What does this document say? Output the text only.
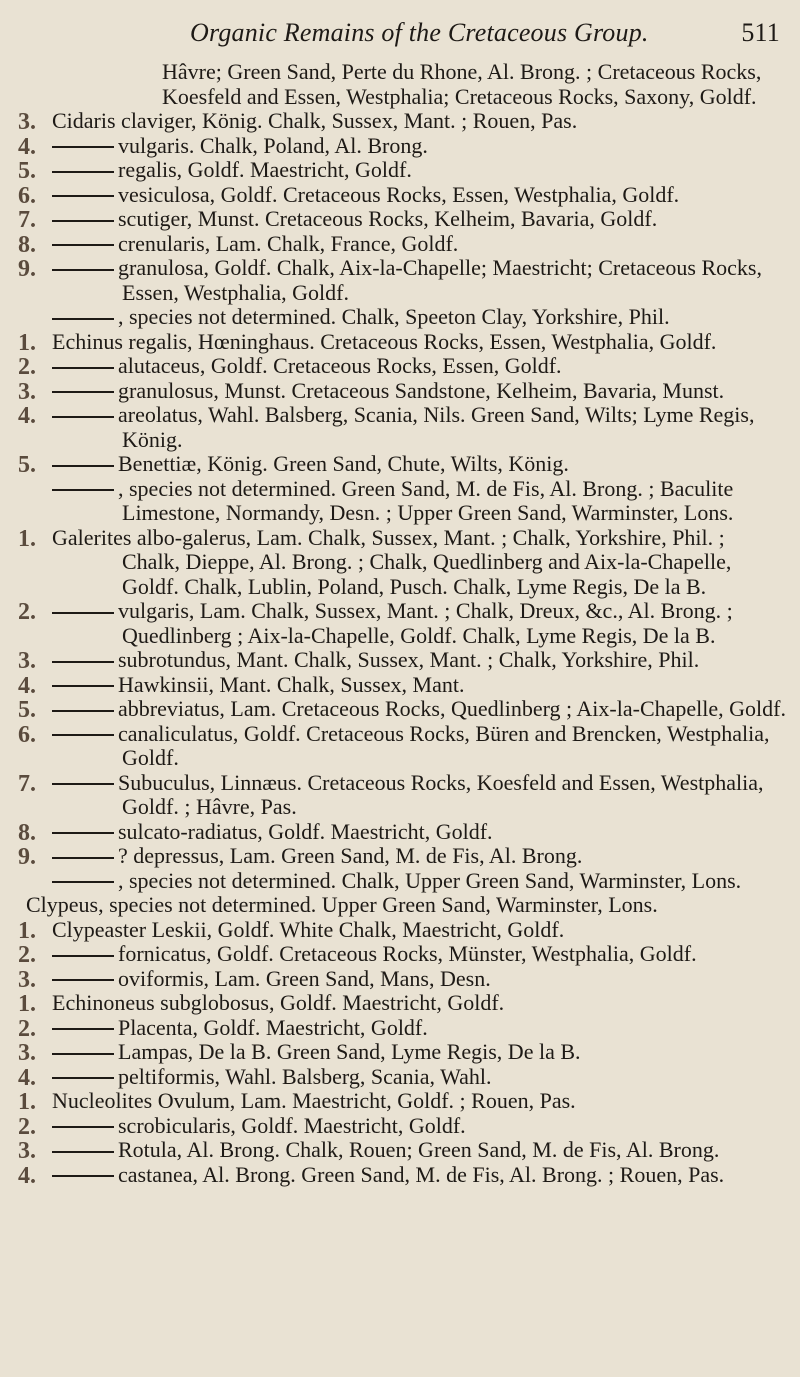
Organic Remains of the Cretaceous Group.	511
Hâvre; Green Sand, Perte du Rhone, Al. Brong. ; Cretaceous Rocks, Koesfeld and Essen, Westphalia; Cretaceous Rocks, Saxony, Goldf.
3. Cidaris claviger, König. Chalk, Sussex, Mant. ; Rouen, Pas.
4.	vulgaris. Chalk, Poland, Al. Brong.
5.	regalis, Goldf. Maestricht, Goldf.
6.	vesiculosa, Goldf. Cretaceous Rocks, Essen, Westphalia, Goldf.
7.	scutiger, Munst. Cretaceous Rocks, Kelheim, Bavaria, Goldf.
8.	crenularis, Lam. Chalk, France, Goldf.
9.	granulosa, Goldf. Chalk, Aix-la-Chapelle; Maestricht; Cretaceous Rocks, Essen, Westphalia, Goldf.
, species not determined. Chalk, Speeton Clay, Yorkshire, Phil.
1. Echinus regalis, Hœninghaus. Cretaceous Rocks, Essen, Westphalia, Goldf.
2.	alutaceus, Goldf. Cretaceous Rocks, Essen, Goldf.
3.	granulosus, Munst. Cretaceous Sandstone, Kelheim, Bavaria, Munst.
4.	areolatus, Wahl. Balsberg, Scania, Nils. Green Sand, Wilts; Lyme Regis, König.
5.	Benettiæ, König. Green Sand, Chute, Wilts, König.
, species not determined. Green Sand, M. de Fis, Al. Brong. ; Baculite Limestone, Normandy, Desn. ; Upper Green Sand, Warminster, Lons.
1. Galerites albo-galerus, Lam. Chalk, Sussex, Mant. ; Chalk, Yorkshire, Phil. ; Chalk, Dieppe, Al. Brong. ; Chalk, Quedlinberg and Aix-la-Chapelle, Goldf. Chalk, Lublin, Poland, Pusch. Chalk, Lyme Regis, De la B.
2.	vulgaris, Lam. Chalk, Sussex, Mant. ; Chalk, Dreux, &c., Al. Brong. ; Quedlinberg ; Aix-la-Chapelle, Goldf. Chalk, Lyme Regis, De la B.
3.	subrotundus, Mant. Chalk, Sussex, Mant. ; Chalk, Yorkshire, Phil.
4.	Hawkinsii, Mant. Chalk, Sussex, Mant.
5.	abbreviatus, Lam. Cretaceous Rocks, Quedlinberg ; Aix-la-Chapelle, Goldf.
6.	canaliculatus, Goldf. Cretaceous Rocks, Büren and Brencken, Westphalia, Goldf.
7.	Subuculus, Linnæus. Cretaceous Rocks, Koesfeld and Essen, Westphalia, Goldf. ; Hâvre, Pas.
8.	sulcato-radiatus, Goldf. Maestricht, Goldf.
9.	? depressus, Lam. Green Sand, M. de Fis, Al. Brong.
, species not determined. Chalk, Upper Green Sand, Warminster, Lons.
Clypeus, species not determined. Upper Green Sand, Warminster, Lons.
1. Clypeaster Leskii, Goldf. White Chalk, Maestricht, Goldf.
2.	fornicatus, Goldf. Cretaceous Rocks, Münster, Westphalia, Goldf.
3.	oviformis, Lam. Green Sand, Mans, Desn.
1. Echinoneus subglobosus, Goldf. Maestricht, Goldf.
2.	Placenta, Goldf. Maestricht, Goldf.
3.	Lampas, De la B. Green Sand, Lyme Regis, De la B.
4.	peltiformis, Wahl. Balsberg, Scania, Wahl.
1. Nucleolites Ovulum, Lam. Maestricht, Goldf. ; Rouen, Pas.
2.	scrobicularis, Goldf. Maestricht, Goldf.
3.	Rotula, Al. Brong. Chalk, Rouen; Green Sand, M. de Fis, Al. Brong.
4.	castanea, Al. Brong. Green Sand, M. de Fis, Al. Brong. ; Rouen, Pas.
